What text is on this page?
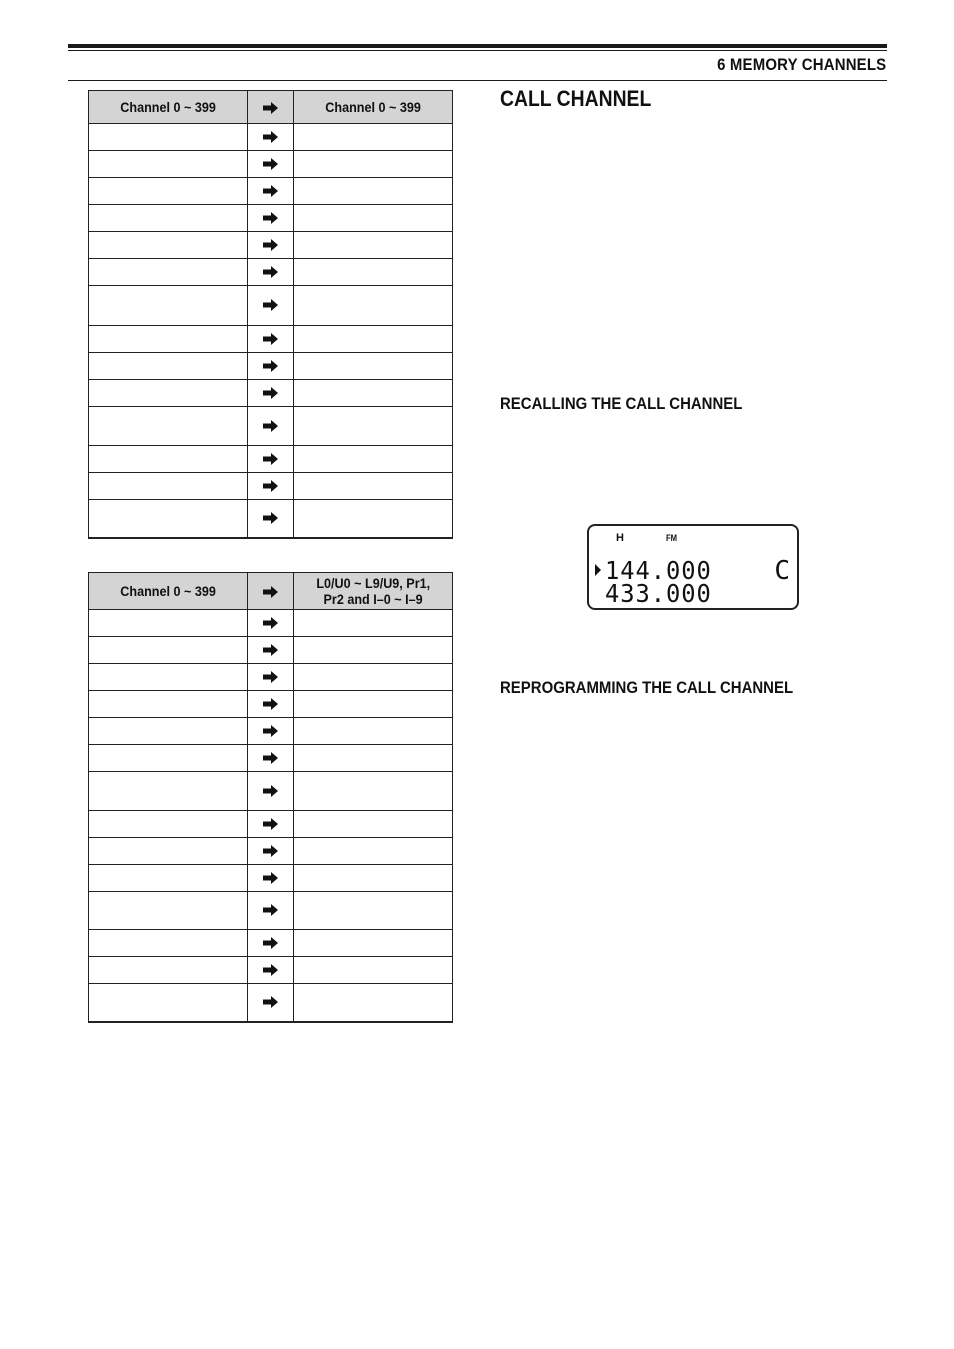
6 MEMORY CHANNELS
Channel 0 ~ 399		Channel 0 ~ 399

Channel 0 ~ 399		L0/U0 ~ L9/U9, Pr1,
Pr2 and I–0 ~ I–9

CALL CHANNEL
RECALLING THE CALL CHANNEL
H	FM
144.000
433.000
C
REPROGRAMMING THE CALL CHANNEL
